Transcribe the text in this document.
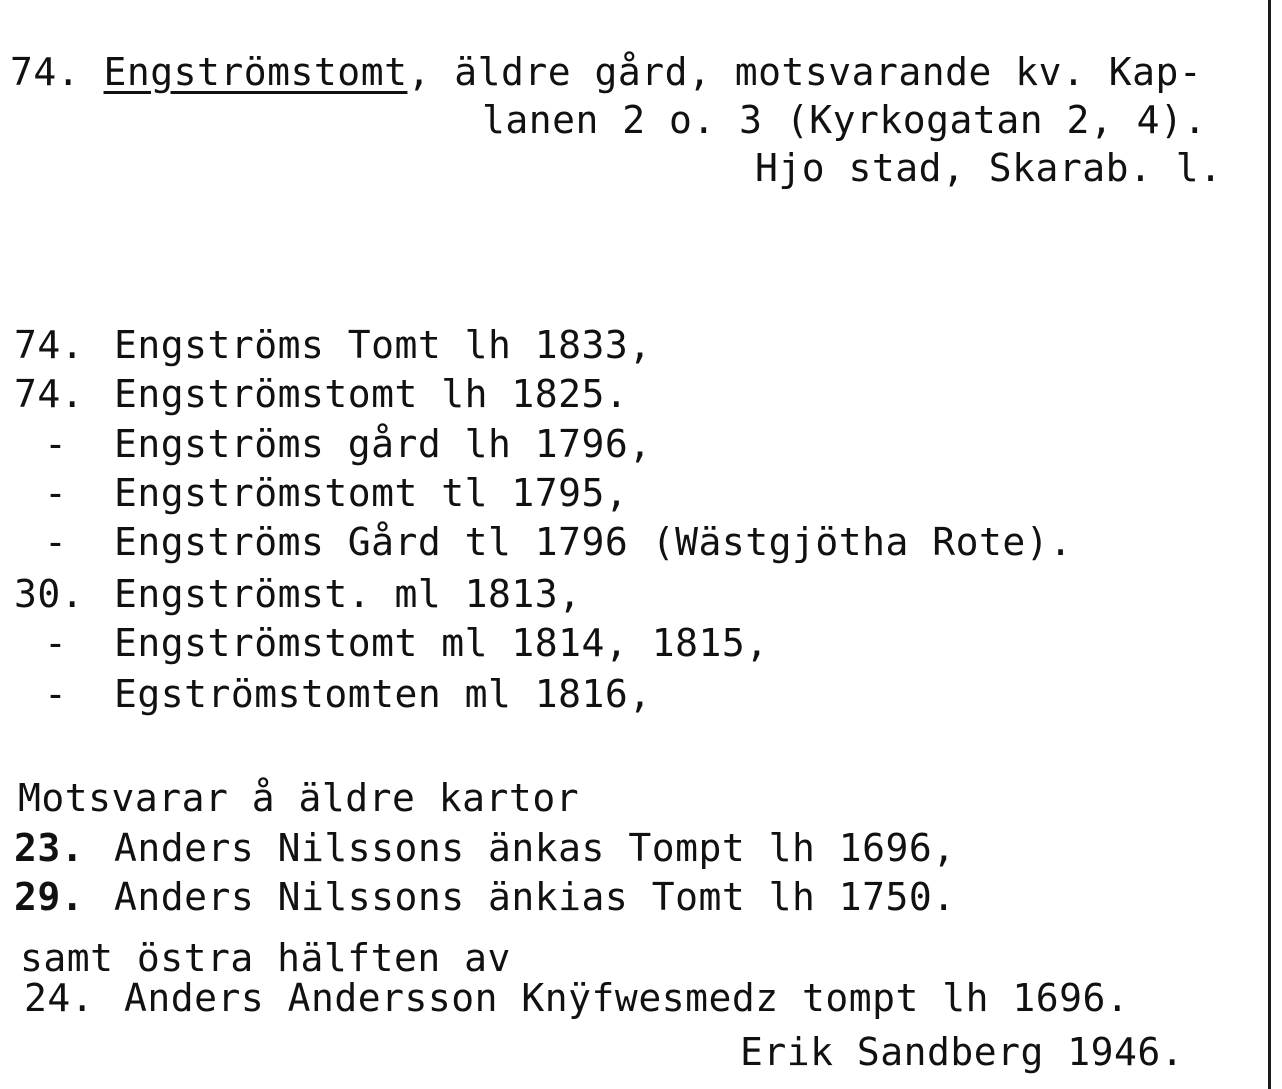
74. Engströmstomt, äldre gård, motsvarande kv. Kap-
lanen 2 o. 3 (Kyrkogatan 2, 4).
Hjo stad, Skarab. l.
74. Engströms Tomt lh 1833,
74. Engströmstomt lh 1825.
- Engströms gård lh 1796,
- Engströmstomt tl 1795,
- Engströms Gård tl 1796 (Wästgjötha Rote).
30. Engströmst. ml 1813,
- Engströmstomt ml 1814, 1815,
- Egströmstomten ml 1816,
Motsvarar å äldre kartor
23. Anders Nilssons änkas Tompt lh 1696,
29. Anders Nilssons änkias Tomt lh 1750.
samt östra hälften av
24. Anders Andersson Knÿfwesmedz tompt lh 1696.
Erik Sandberg 1946.
